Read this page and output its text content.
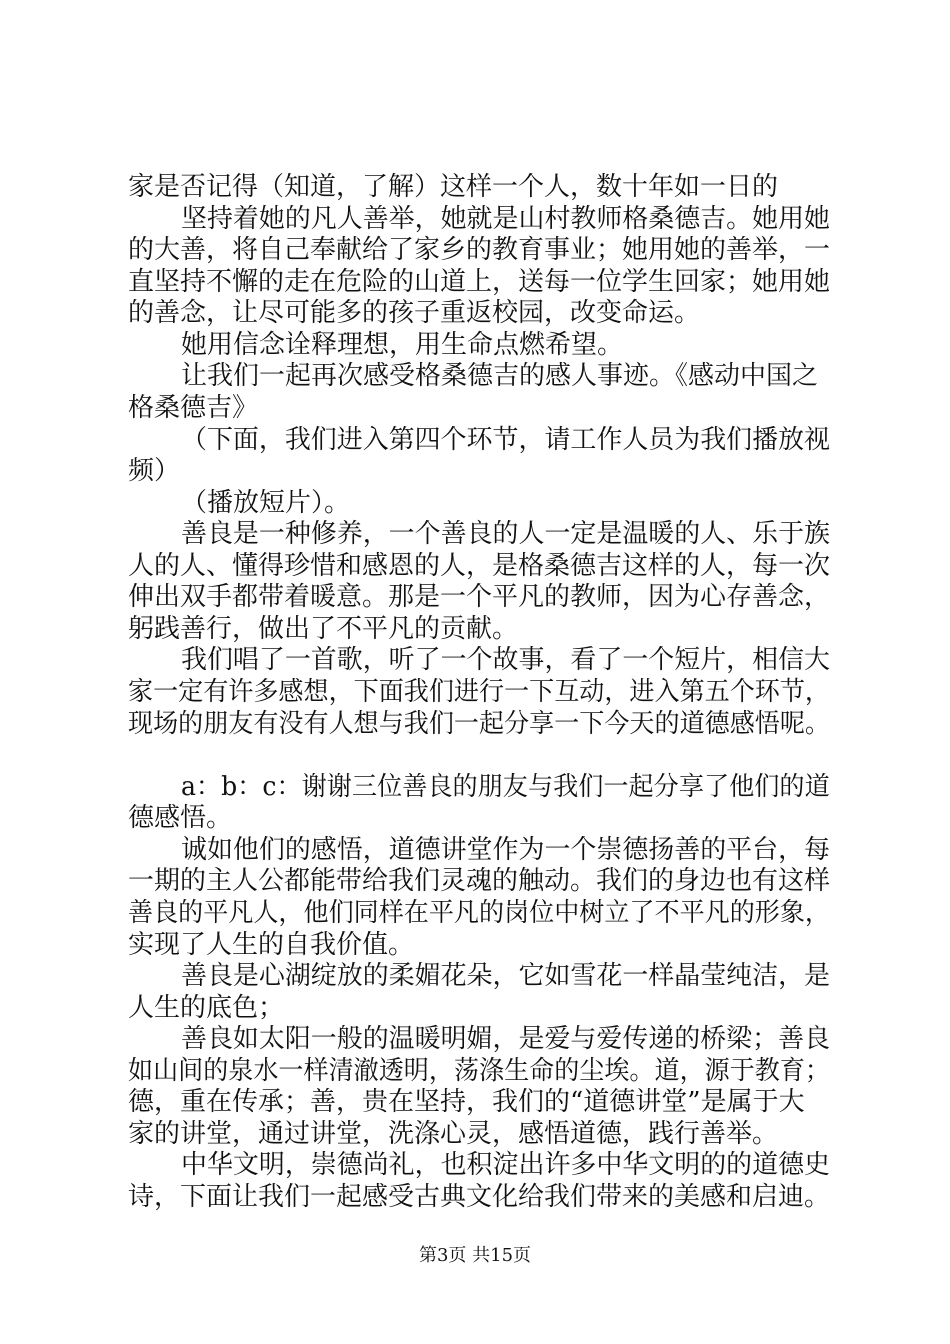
家是否记得（知道，了解）这样一个人，数十年如一日的
坚持着她的凡人善举，她就是山村教师格桑德吉。她用她
的大善，将自己奉献给了家乡的教育事业；她用她的善举，一
直坚持不懈的走在危险的山道上，送每一位学生回家；她用她
的善念，让尽可能多的孩子重返校园，改变命运。
她用信念诠释理想，用生命点燃希望。
让我们一起再次感受格桑德吉的感人事迹。《感动中国之
格桑德吉》
（下面，我们进入第四个环节，请工作人员为我们播放视
频）
（播放短片）。
善良是一种修养，一个善良的人一定是温暖的人、乐于族
人的人、懂得珍惜和感恩的人，是格桑德吉这样的人，每一次
伸出双手都带着暖意。那是一个平凡的教师，因为心存善念，
躬践善行，做出了不平凡的贡献。
我们唱了一首歌，听了一个故事，看了一个短片，相信大
家一定有许多感想，下面我们进行一下互动，进入第五个环节，
现场的朋友有没有人想与我们一起分享一下今天的道德感悟呢。
a：b：c：谢谢三位善良的朋友与我们一起分享了他们的道
德感悟。
诚如他们的感悟，道德讲堂作为一个崇德扬善的平台，每
一期的主人公都能带给我们灵魂的触动。我们的身边也有这样
善良的平凡人，他们同样在平凡的岗位中树立了不平凡的形象，
实现了人生的自我价值。
善良是心湖绽放的柔媚花朵，它如雪花一样晶莹纯洁，是
人生的底色；
善良如太阳一般的温暖明媚，是爱与爱传递的桥梁；善良
如山间的泉水一样清澈透明，荡涤生命的尘埃。道，源于教育；
德，重在传承；善，贵在坚持，我们的“道德讲堂”是属于大
家的讲堂，通过讲堂，洗涤心灵，感悟道德，践行善举。
中华文明，崇德尚礼，也积淀出许多中华文明的的道德史
诗，下面让我们一起感受古典文化给我们带来的美感和启迪。
第3页 共15页
